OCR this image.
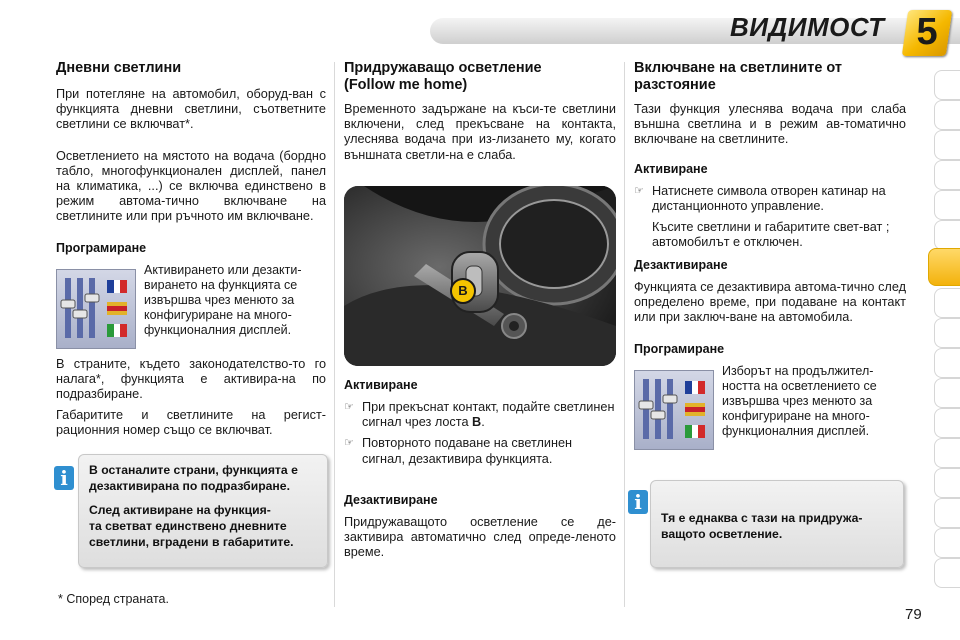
ВИДИМОСТ 5
Дневни светлини

При потегляне на автомобил, оборуд-ван с функцията дневни светлини, съответните светлини се включват*.

Осветлението на мястото на водача (бордно табло, многофункционален дисплей, панел на климатика, ...) се включва единствено в режим автома-тично включване на светлините или при ръчното им включване.

Програмиране
Активирането или дезакти-вирането на функцията се извършва чрез менюто за конфигуриране на много-функционалния дисплей.

В страните, където законодателство-то го налага*, функцията е активира-на по подразбиране.

Габаритите и светлините на регист-рационния номер също се включват.

В останалите страни, функцията е
дезактивирана по подразбиране.
След активиране на функция-
та светват единствено дневните
светлини, вградени в габаритите.
i
Придружаващо осветление
(Follow me home)

Временното задържане на къси-те светлини включени, след прекъсване на контакта, улеснява водача при из-лизането му, когато външната светли-на е слаба.

B
Активиране
☞ При прекъснат контакт, подайте светлинен сигнал чрез лоста B.
☞ Повторното подаване на светлинен сигнал, дезактивира функцията.
Дезактивиране

Придружаващото осветление се де-зактивира автоматично след опреде-леното време.

Включване на светлините от
разстояние

Тази функция улеснява водача при слаба външна светлина и в режим ав-томатично включване на светлините.

Активиране
☞ Натиснете символа отворен катинар на дистанционното управление.
Късите светлини и габаритите свет-ват ; автомобилът е отключен.
Дезактивиране

Функцията се дезактивира автома-тично след определено време, при подаване на контакт или при заключ-ване на автомобила.

Програмиране
Изборът на продължител-ността на осветлението се извършва чрез менюто за конфигуриране на много-функционалния дисплей.
Тя е еднаква с тази на придружа-
ващото осветление.
i
* Според страната.
79
